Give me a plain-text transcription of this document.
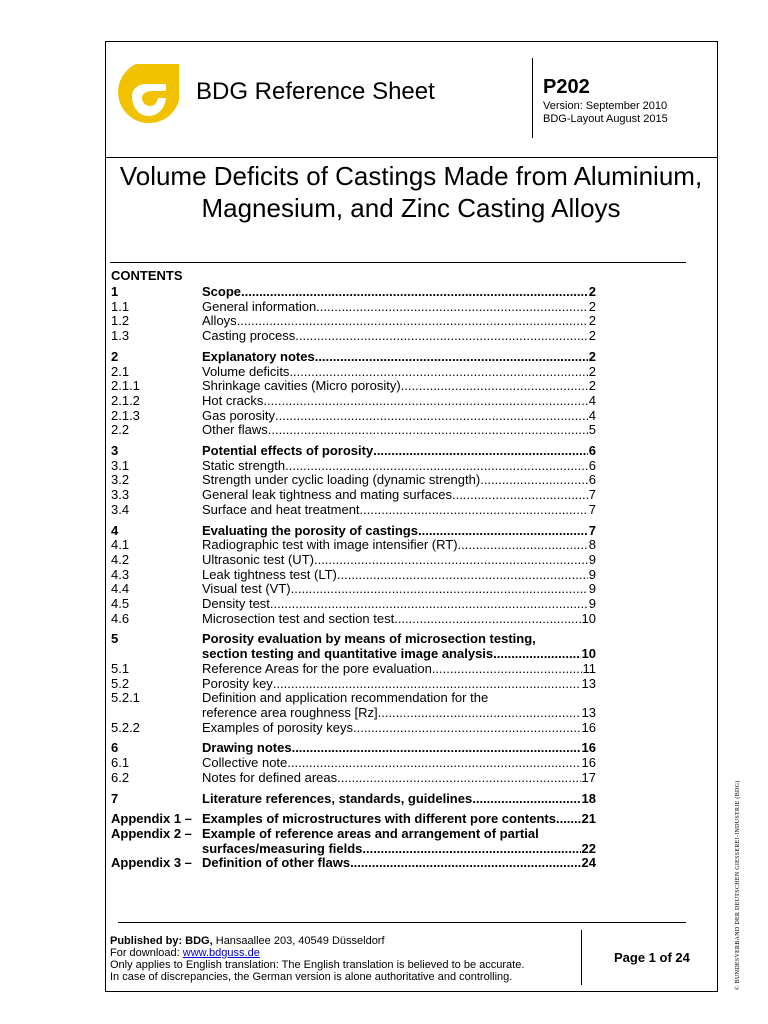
BDG Reference Sheet	P202
Version: September 2010
BDG-Layout August 2015
Volume Deficits of Castings Made from Aluminium, Magnesium, and Zinc Casting Alloys
CONTENTS
1	Scope .....	2
1.1	General information .....	2
1.2	Alloys .....	2
1.3	Casting process .....	2
2	Explanatory notes .....	2
2.1	Volume deficits .....	2
2.1.1	Shrinkage cavities (Micro porosity) .....	2
2.1.2	Hot cracks .....	4
2.1.3	Gas porosity .....	4
2.2	Other flaws .....	5
3	Potential effects of porosity .....	6
3.1	Static strength .....	6
3.2	Strength under cyclic loading (dynamic strength) .....	6
3.3	General leak tightness and mating surfaces .....	7
3.4	Surface and heat treatment .....	7
4	Evaluating the porosity of castings .....	7
4.1	Radiographic test with image intensifier (RT) .....	8
4.2	Ultrasonic test (UT) .....	9
4.3	Leak tightness test (LT) .....	9
4.4	Visual test (VT) .....	9
4.5	Density test .....	9
4.6	Microsection test and section test .....	10
5	Porosity evaluation by means of microsection testing,
section testing and quantitative image analysis .....	10
5.1	Reference Areas for the pore evaluation .....	11
5.2	Porosity key .....	13
5.2.1	Definition and application recommendation for the
reference area roughness [Rz] .....	13
5.2.2	Examples of porosity keys .....	16
6	Drawing notes .....	16
6.1	Collective note .....	16
6.2	Notes for defined areas .....	17
7	Literature references, standards, guidelines .....	18
Appendix 1 – Examples of microstructures with different pore contents ..... 21
Appendix 2 – Example of reference areas and arrangement of partial
surfaces/measuring fields .....	22
Appendix 3 – Definition of other flaws .....	24
Published by: BDG, Hansaallee 203, 40549 Düsseldorf
For download: www.bdguss.de
Only applies to English translation: The English translation is believed to be accurate.
In case of discrepancies, the German version is alone authoritative and controlling.
Page 1 of 24	© BUNDESVERBAND DER DEUTSCHEN GIESSEREI-INDUSTRIE (BDG)
